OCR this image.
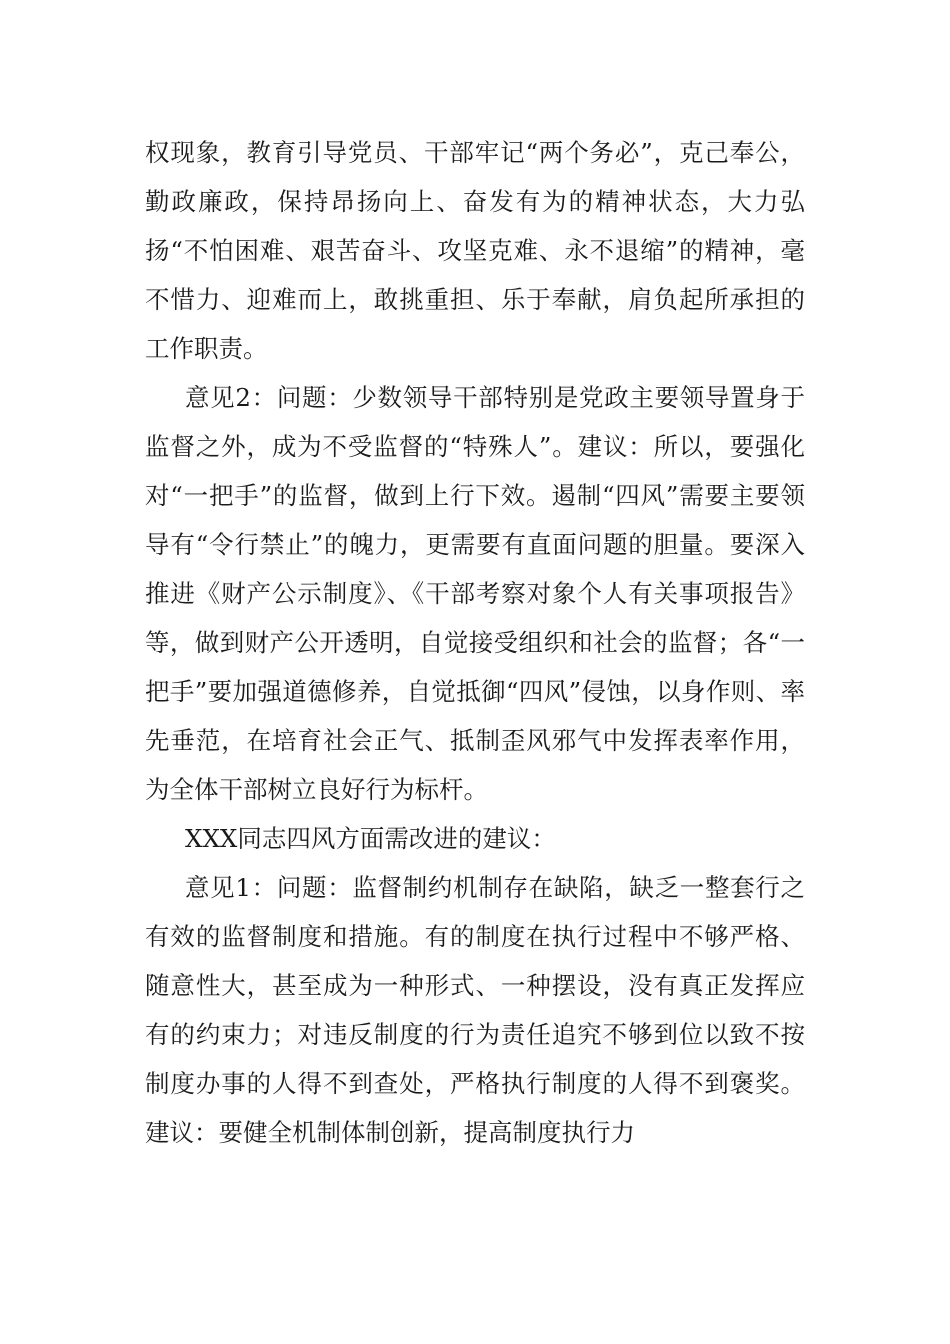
权现象，教育引导党员、干部牢记“两个务必”，克己奉公，勤政廉政，保持昂扬向上、奋发有为的精神状态，大力弘扬“不怕困难、艰苦奋斗、攻坚克难、永不退缩”的精神，毫不惜力、迎难而上，敢挑重担、乐于奉献，肩负起所承担的工作职责。

意见2：问题：少数领导干部特别是党政主要领导置身于监督之外，成为不受监督的“特殊人”。建议：所以，要强化对“一把手”的监督，做到上行下效。遏制“四风”需要主要领导有“令行禁止”的魄力，更需要有直面问题的胆量。要深入推进《财产公示制度》、《干部考察对象个人有关事项报告》等，做到财产公开透明，自觉接受组织和社会的监督；各“一把手”要加强道德修养，自觉抵御“四风”侵蚀，以身作则、率先垂范，在培育社会正气、抵制歪风邪气中发挥表率作用，为全体干部树立良好行为标杆。

XXX同志四风方面需改进的建议：

意见1：问题：监督制约机制存在缺陷，缺乏一整套行之有效的监督制度和措施。有的制度在执行过程中不够严格、随意性大，甚至成为一种形式、一种摆设，没有真正发挥应有的约束力；对违反制度的行为责任追究不够到位以致不按制度办事的人得不到查处，严格执行制度的人得不到褒奖。建议：要健全机制体制创新，提高制度执行力
